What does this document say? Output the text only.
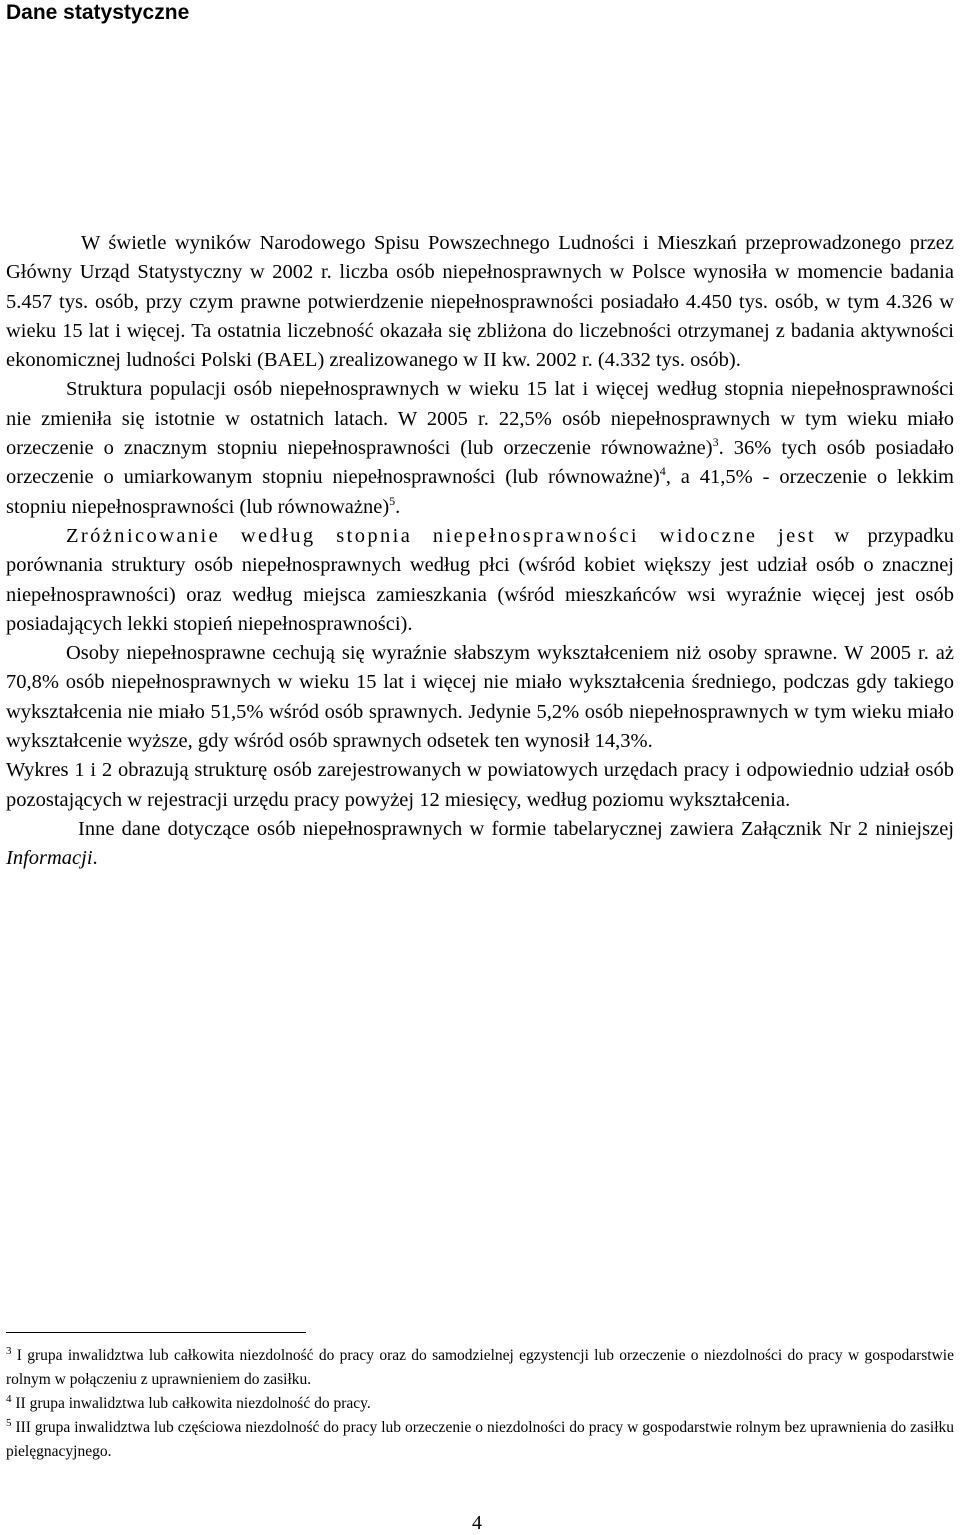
Dane statystyczne

W świetle wyników Narodowego Spisu Powszechnego Ludności i Mieszkań przeprowadzonego przez Główny Urząd Statystyczny w 2002 r. liczba osób niepełnosprawnych w Polsce wynosiła w momencie badania 5.457 tys. osób, przy czym prawne potwierdzenie niepełnosprawności posiadało 4.450 tys. osób, w tym 4.326 w wieku 15 lat i więcej. Ta ostatnia liczebność okazała się zbliżona do liczebności otrzymanej z badania aktywności ekonomicznej ludności Polski (BAEL) zrealizowanego w II kw. 2002 r. (4.332 tys. osób).

Struktura populacji osób niepełnosprawnych w wieku 15 lat i więcej według stopnia niepełnosprawności nie zmieniła się istotnie w ostatnich latach. W 2005 r. 22,5% osób niepełnosprawnych w tym wieku miało orzeczenie o znacznym stopniu niepełnosprawności (lub orzeczenie równoważne)$^3$. 36% tych osób posiadało orzeczenie o umiarkowanym stopniu niepełnosprawności (lub równoważne)$^4$, a 41,5% - orzeczenie o lekkim stopniu niepełnosprawności (lub równoważne)$^5$.

Zróżnicowanie według stopnia niepełnosprawności widoczne jest w przypadku porównania struktury osób niepełnosprawnych według płci (wśród kobiet większy jest udział osób o znacznej niepełnosprawności) oraz według miejsca zamieszkania (wśród mieszkańców wsi wyraźnie więcej jest osób posiadających lekki stopień niepełnosprawności).

Osoby niepełnosprawne cechują się wyraźnie słabszym wykształceniem niż osoby sprawne. W 2005 r. aż 70,8% osób niepełnosprawnych w wieku 15 lat i więcej nie miało wykształcenia średniego, podczas gdy takiego wykształcenia nie miało 51,5% wśród osób sprawnych. Jedynie 5,2% osób niepełnosprawnych w tym wieku miało wykształcenie wyższe, gdy wśród osób sprawnych odsetek ten wynosił 14,3%.

Wykres 1 i 2 obrazują strukturę osób zarejestrowanych w powiatowych urzędach pracy i odpowiednio udział osób pozostających w rejestracji urzędu pracy powyżej 12 miesięcy, według poziomu wykształcenia.

Inne dane dotyczące osób niepełnosprawnych w formie tabelarycznej zawiera Załącznik Nr 2 niniejszej Informacji.

$^3$ I grupa inwalidztwa lub całkowita niezdolność do pracy oraz do samodzielnej egzystencji lub orzeczenie o niezdolności do pracy w gospodarstwie rolnym w połączeniu z uprawnieniem do zasiłku.

$^4$ II grupa inwalidztwa lub całkowita niezdolność do pracy.

$^5$ III grupa inwalidztwa lub częściowa niezdolność do pracy lub orzeczenie o niezdolności do pracy w gospodarstwie rolnym bez uprawnienia do zasiłku pielęgnacyjnego.

4
